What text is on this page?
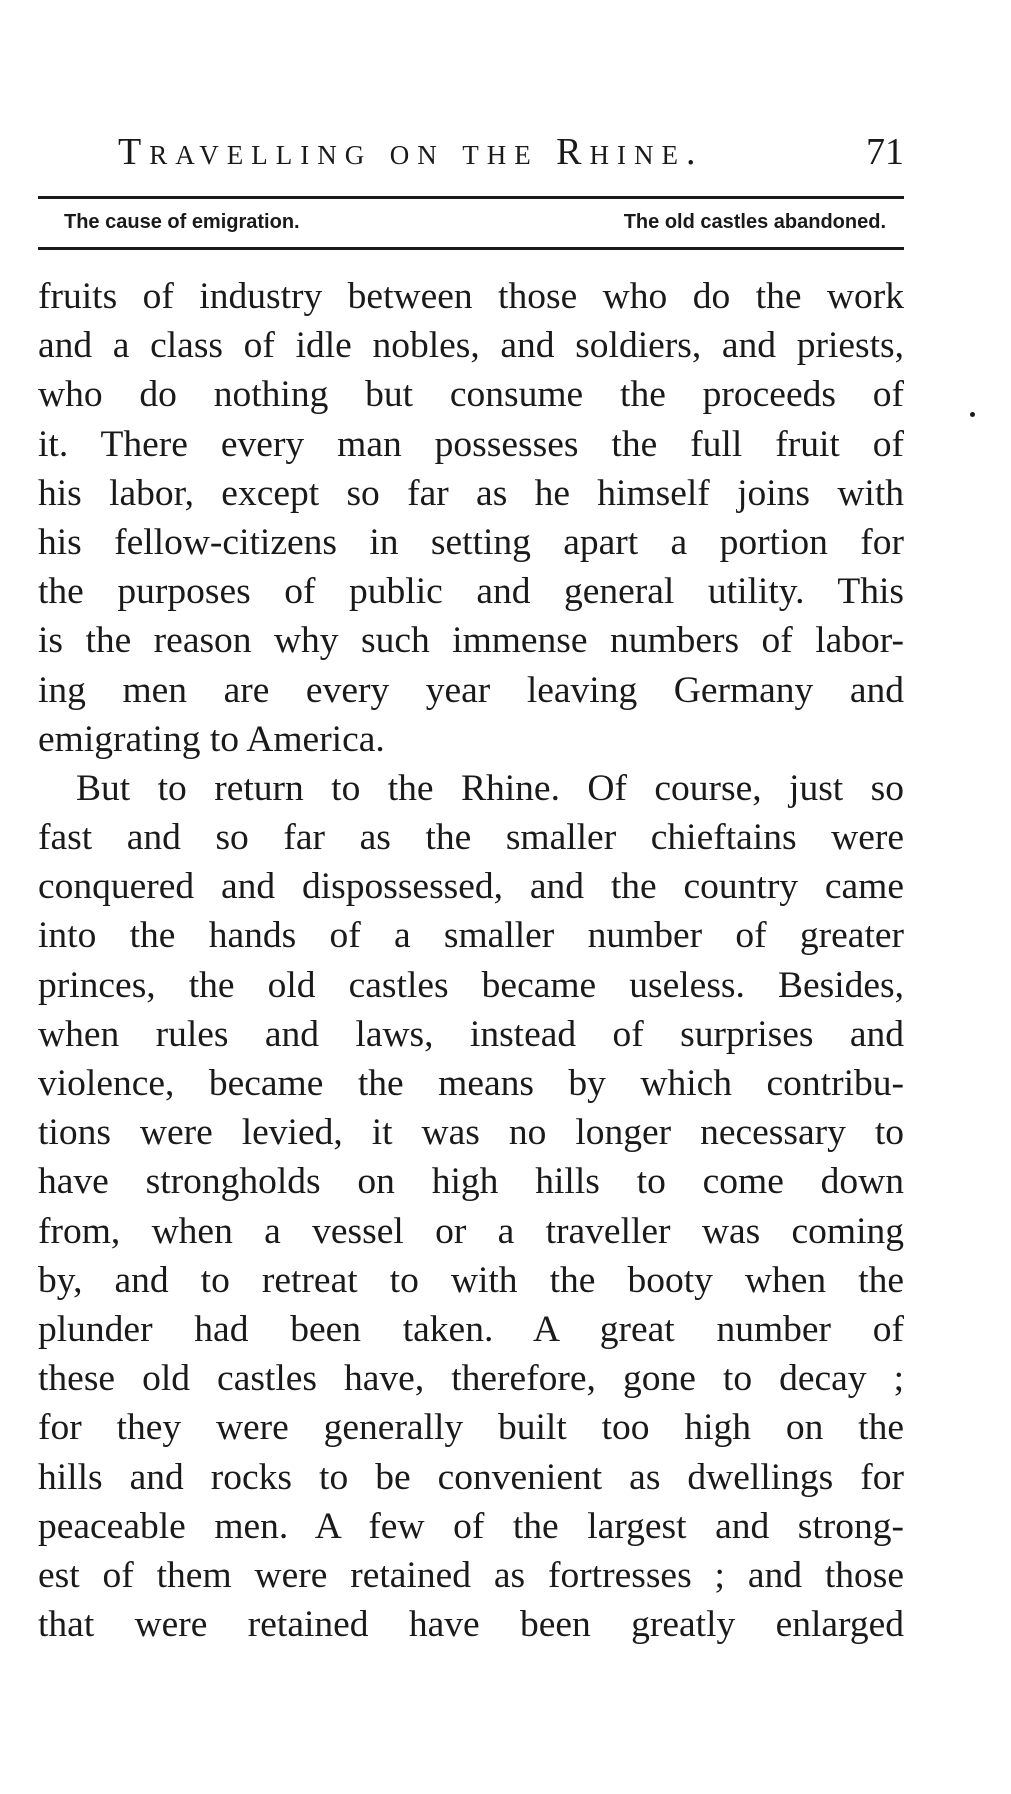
Travelling on the Rhine.	71
The cause of emigration.	The old castles abandoned.
fruits of industry between those who do the work
and a class of idle nobles, and soldiers, and priests,
who do nothing but consume the proceeds of
it. There every man possesses the full fruit of
his labor, except so far as he himself joins with
his fellow-citizens in setting apart a portion for
the purposes of public and general utility. This
is the reason why such immense numbers of labor-
ing men are every year leaving Germany and
emigrating to America.
But to return to the Rhine. Of course, just so
fast and so far as the smaller chieftains were
conquered and dispossessed, and the country came
into the hands of a smaller number of greater
princes, the old castles became useless. Besides,
when rules and laws, instead of surprises and
violence, became the means by which contribu-
tions were levied, it was no longer necessary to
have strongholds on high hills to come down
from, when a vessel or a traveller was coming
by, and to retreat to with the booty when the
plunder had been taken. A great number of
these old castles have, therefore, gone to decay ;
for they were generally built too high on the
hills and rocks to be convenient as dwellings for
peaceable men. A few of the largest and strong-
est of them were retained as fortresses ; and those
that were retained have been greatly enlarged
